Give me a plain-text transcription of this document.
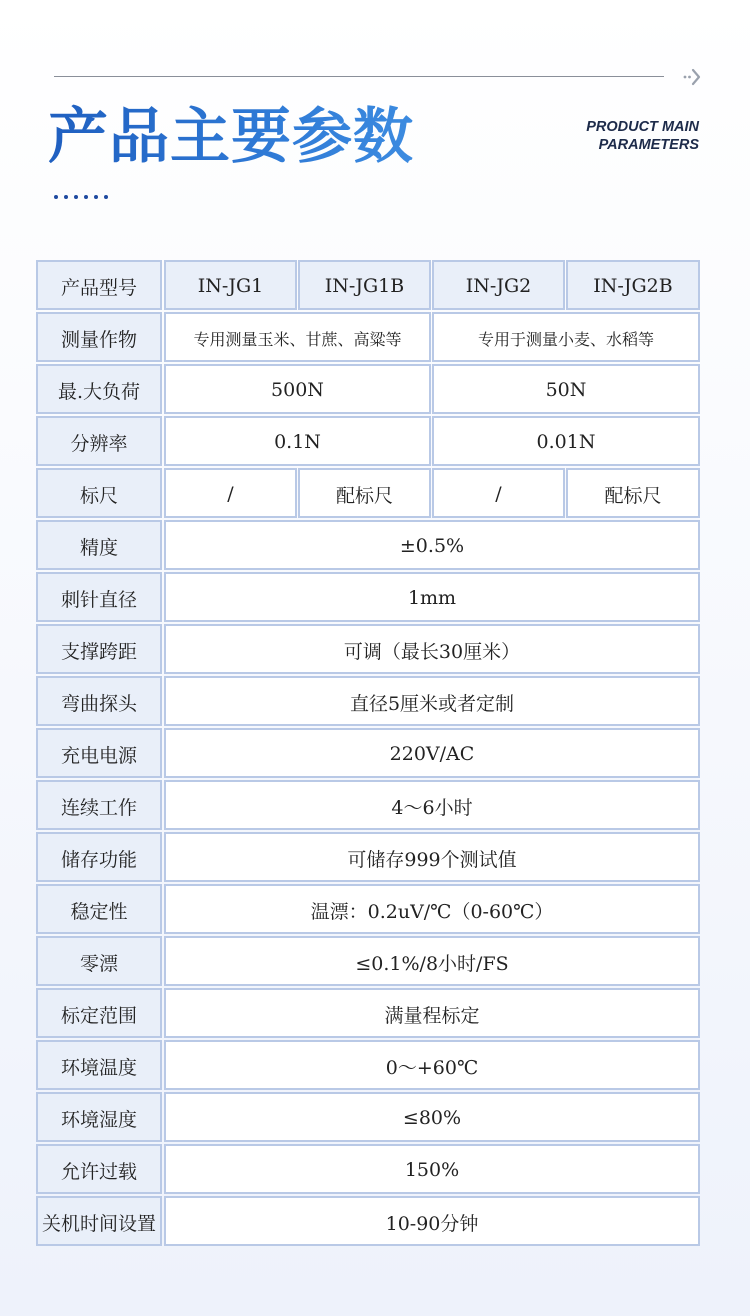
产品主要参数	PRODUCT MAIN
PARAMETERS
产品型号	IN-JG1	IN-JG1B	IN-JG2	IN-JG2B
测量作物	专用测量玉米、甘蔗、高粱等	专用于测量小麦、水稻等
最.大负荷	500N	50N
分辨率	0.1N	0.01N
标尺	/	配标尺	/	配标尺
精度	±0.5%
刺针直径	1mm
支撑跨距	可调（最长30厘米）
弯曲探头	直径5厘米或者定制
充电电源	220V/AC
连续工作	4～6小时
储存功能	可储存999个测试值
稳定性	温漂：0.2uV/℃（0-60℃）
零漂	≤0.1%/8小时/FS
标定范围	满量程标定
环境温度	0～+60℃
环境湿度	≤80%
允许过载	150%
关机时间设置	10-90分钟
